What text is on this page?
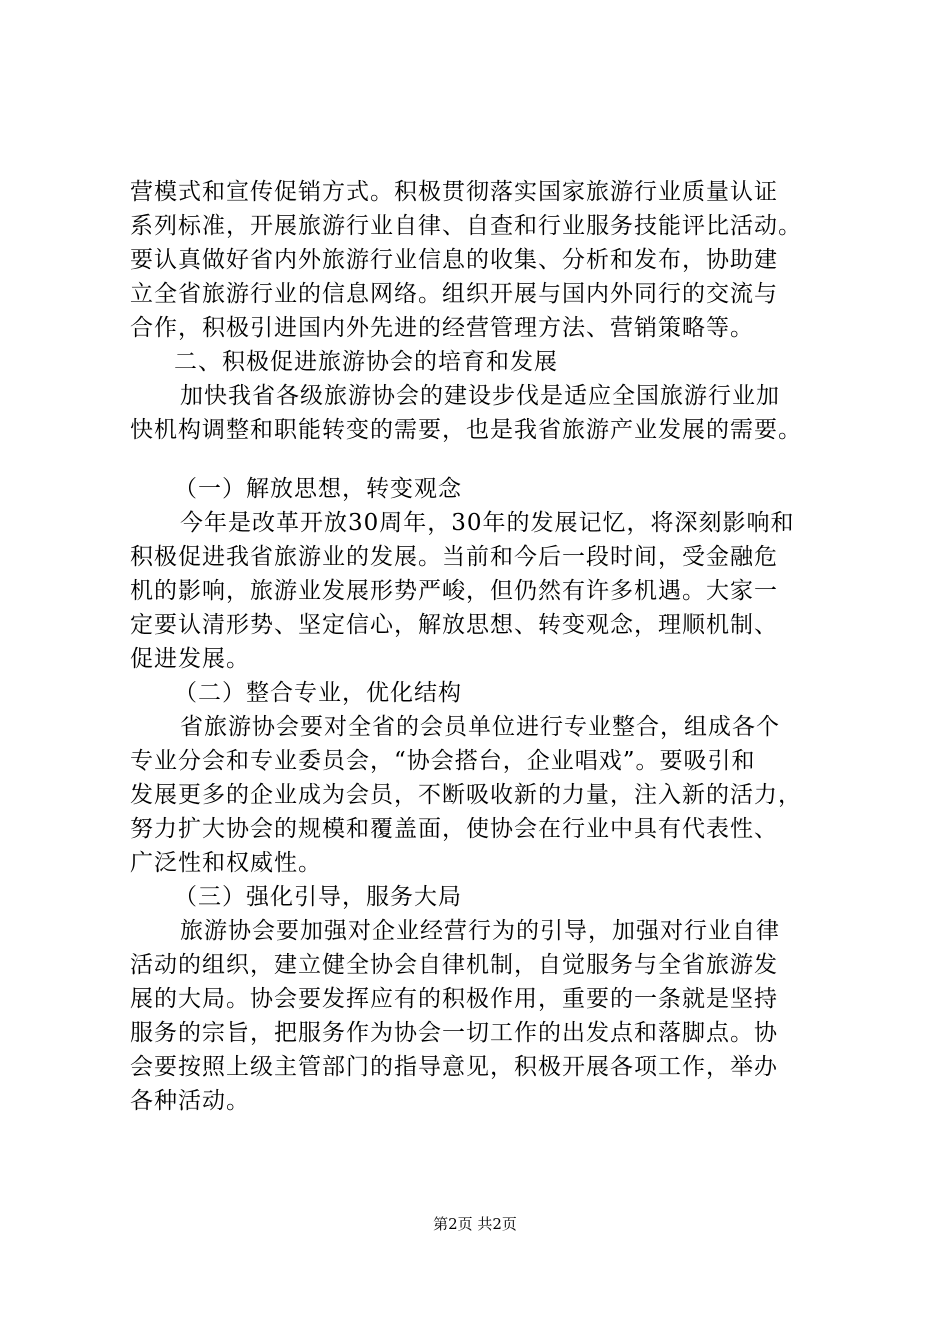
营模式和宣传促销方式。积极贯彻落实国家旅游行业质量认证
系列标准，开展旅游行业自律、自查和行业服务技能评比活动。
要认真做好省内外旅游行业信息的收集、分析和发布，协助建
立全省旅游行业的信息网络。组织开展与国内外同行的交流与
合作，积极引进国内外先进的经营管理方法、营销策略等。
二、积极促进旅游协会的培育和发展
加快我省各级旅游协会的建设步伐是适应全国旅游行业加
快机构调整和职能转变的需要，也是我省旅游产业发展的需要。
（一）解放思想，转变观念
今年是改革开放30周年，30年的发展记忆，将深刻影响和
积极促进我省旅游业的发展。当前和今后一段时间，受金融危
机的影响，旅游业发展形势严峻，但仍然有许多机遇。大家一
定要认清形势、坚定信心，解放思想、转变观念，理顺机制、
促进发展。
（二）整合专业，优化结构
省旅游协会要对全省的会员单位进行专业整合，组成各个
专业分会和专业委员会，“协会搭台，企业唱戏”。要吸引和
发展更多的企业成为会员，不断吸收新的力量，注入新的活力，
努力扩大协会的规模和覆盖面，使协会在行业中具有代表性、
广泛性和权威性。
（三）强化引导，服务大局
旅游协会要加强对企业经营行为的引导，加强对行业自律
活动的组织，建立健全协会自律机制，自觉服务与全省旅游发
展的大局。协会要发挥应有的积极作用，重要的一条就是坚持
服务的宗旨，把服务作为协会一切工作的出发点和落脚点。协
会要按照上级主管部门的指导意见，积极开展各项工作，举办
各种活动。
第2页 共2页
